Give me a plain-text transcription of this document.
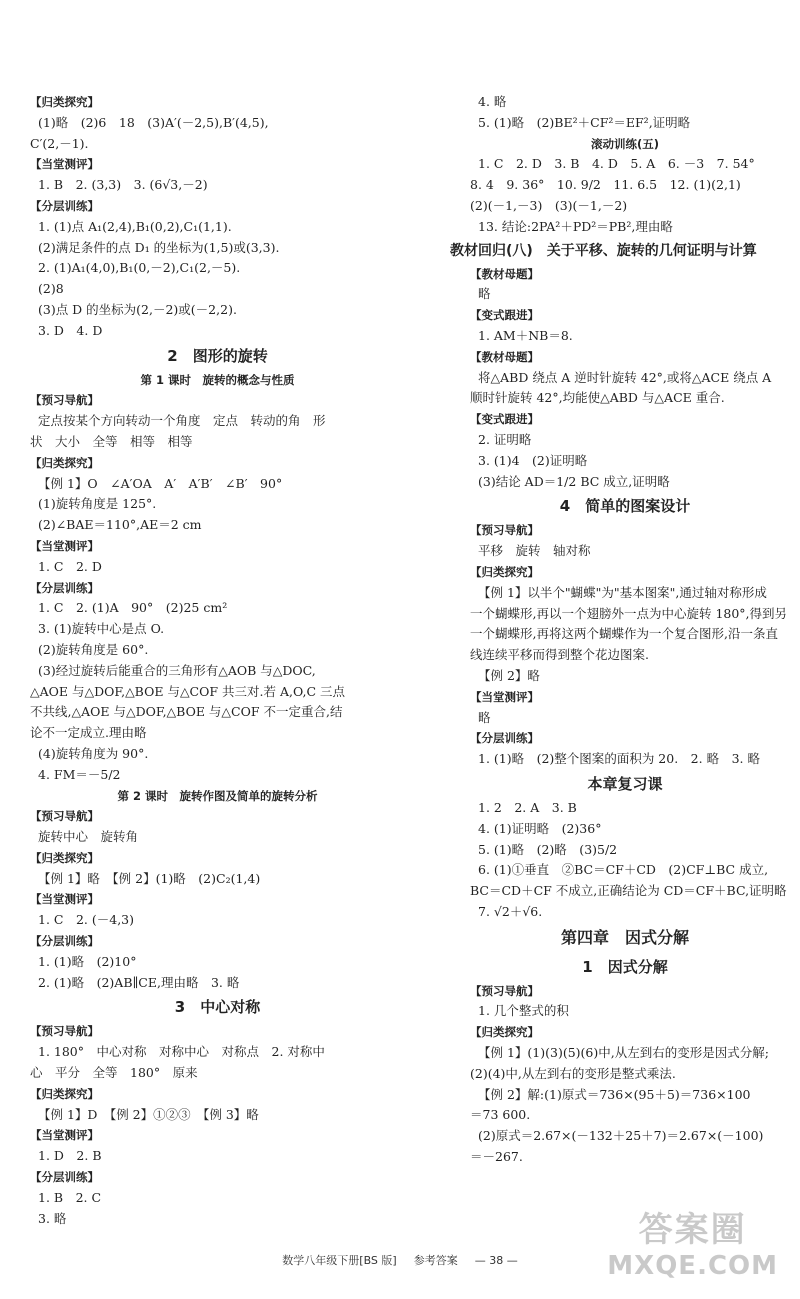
【归类探究】
(1)略　(2)6　18　(3)A′(－2,5),B′(4,5),
C′(2,－1).
【当堂测评】
1. B　2. (3,3)　3. (6√3,－2)
【分层训练】
1. (1)点 A₁(2,4),B₁(0,2),C₁(1,1).
(2)满足条件的点 D₁ 的坐标为(1,5)或(3,3).
2. (1)A₁(4,0),B₁(0,－2),C₁(2,－5).
(2)8
(3)点 D 的坐标为(2,－2)或(－2,2).
3. D　4. D
2　图形的旋转
第 1 课时　旋转的概念与性质
【预习导航】
定点按某个方向转动一个角度　定点　转动的角　形
状　大小　全等　相等　相等
【归类探究】
【例 1】O　∠A′OA　A′　A′B′　∠B′　90°
(1)旋转角度是 125°.
(2)∠BAE＝110°,AE＝2 cm
【当堂测评】
1. C　2. D
【分层训练】
1. C　2. (1)A　90°　(2)25 cm²
3. (1)旋转中心是点 O.
(2)旋转角度是 60°.
(3)经过旋转后能重合的三角形有△AOB 与△DOC,
△AOE 与△DOF,△BOE 与△COF 共三对.若 A,O,C 三点
不共线,△AOE 与△DOF,△BOE 与△COF 不一定重合,结
论不一定成立.理由略
(4)旋转角度为 90°.
4. FM＝－5/2
第 2 课时　旋转作图及简单的旋转分析
【预习导航】
旋转中心　旋转角
【归类探究】
【例 1】略　【例 2】(1)略　(2)C₂(1,4)
【当堂测评】
1. C　2. (－4,3)
【分层训练】
1. (1)略　(2)10°
2. (1)略　(2)AB∥CE,理由略　3. 略
3　中心对称
【预习导航】
1. 180°　中心对称　对称中心　对称点　2. 对称中
心　平分　全等　180°　原来
【归类探究】
【例 1】D　【例 2】①②③　【例 3】略
【当堂测评】
1. D　2. B
【分层训练】
1. B　2. C
3. 略
4. 略
5. (1)略　(2)BE²＋CF²＝EF²,证明略
滚动训练(五)
1. C　2. D　3. B　4. D　5. A　6. －3　7. 54°
8. 4　9. 36°　10. 9/2　11. 6.5　12. (1)(2,1)
(2)(－1,－3)　(3)(－1,－2)
13. 结论:2PA²＋PD²＝PB²,理由略
教材回归(八)　关于平移、旋转的几何证明与计算
【教材母题】
略
【变式跟进】
1. AM＋NB＝8.
【教材母题】
将△ABD 绕点 A 逆时针旋转 42°,或将△ACE 绕点 A
顺时针旋转 42°,均能使△ABD 与△ACE 重合.
【变式跟进】
2. 证明略
3. (1)4　(2)证明略
(3)结论 AD＝1/2 BC 成立,证明略
4　简单的图案设计
【预习导航】
平移　旋转　轴对称
【归类探究】
【例 1】以半个"蝴蝶"为"基本图案",通过轴对称形成
一个蝴蝶形,再以一个翅膀外一点为中心旋转 180°,得到另
一个蝴蝶形,再将这两个蝴蝶作为一个复合图形,沿一条直
线连续平移而得到整个花边图案.
【例 2】略
【当堂测评】
略
【分层训练】
1. (1)略　(2)整个图案的面积为 20.　2. 略　3. 略
本章复习课
1. 2　2. A　3. B
4. (1)证明略　(2)36°
5. (1)略　(2)略　(3)5/2
6. (1)①垂直　②BC＝CF＋CD　(2)CF⊥BC 成立,
BC＝CD＋CF 不成立,正确结论为 CD＝CF＋BC,证明略
7. √2＋√6.
第四章　因式分解
1　因式分解
【预习导航】
1. 几个整式的积
【归类探究】
【例 1】(1)(3)(5)(6)中,从左到右的变形是因式分解;
(2)(4)中,从左到右的变形是整式乘法.
【例 2】解:(1)原式＝736×(95＋5)＝736×100
＝73 600.
(2)原式＝2.67×(－132＋25＋7)＝2.67×(－100)
＝－267.
数学八年级下册[BS 版] 参考答案 — 38 —
答案圈
MXQE.COM
